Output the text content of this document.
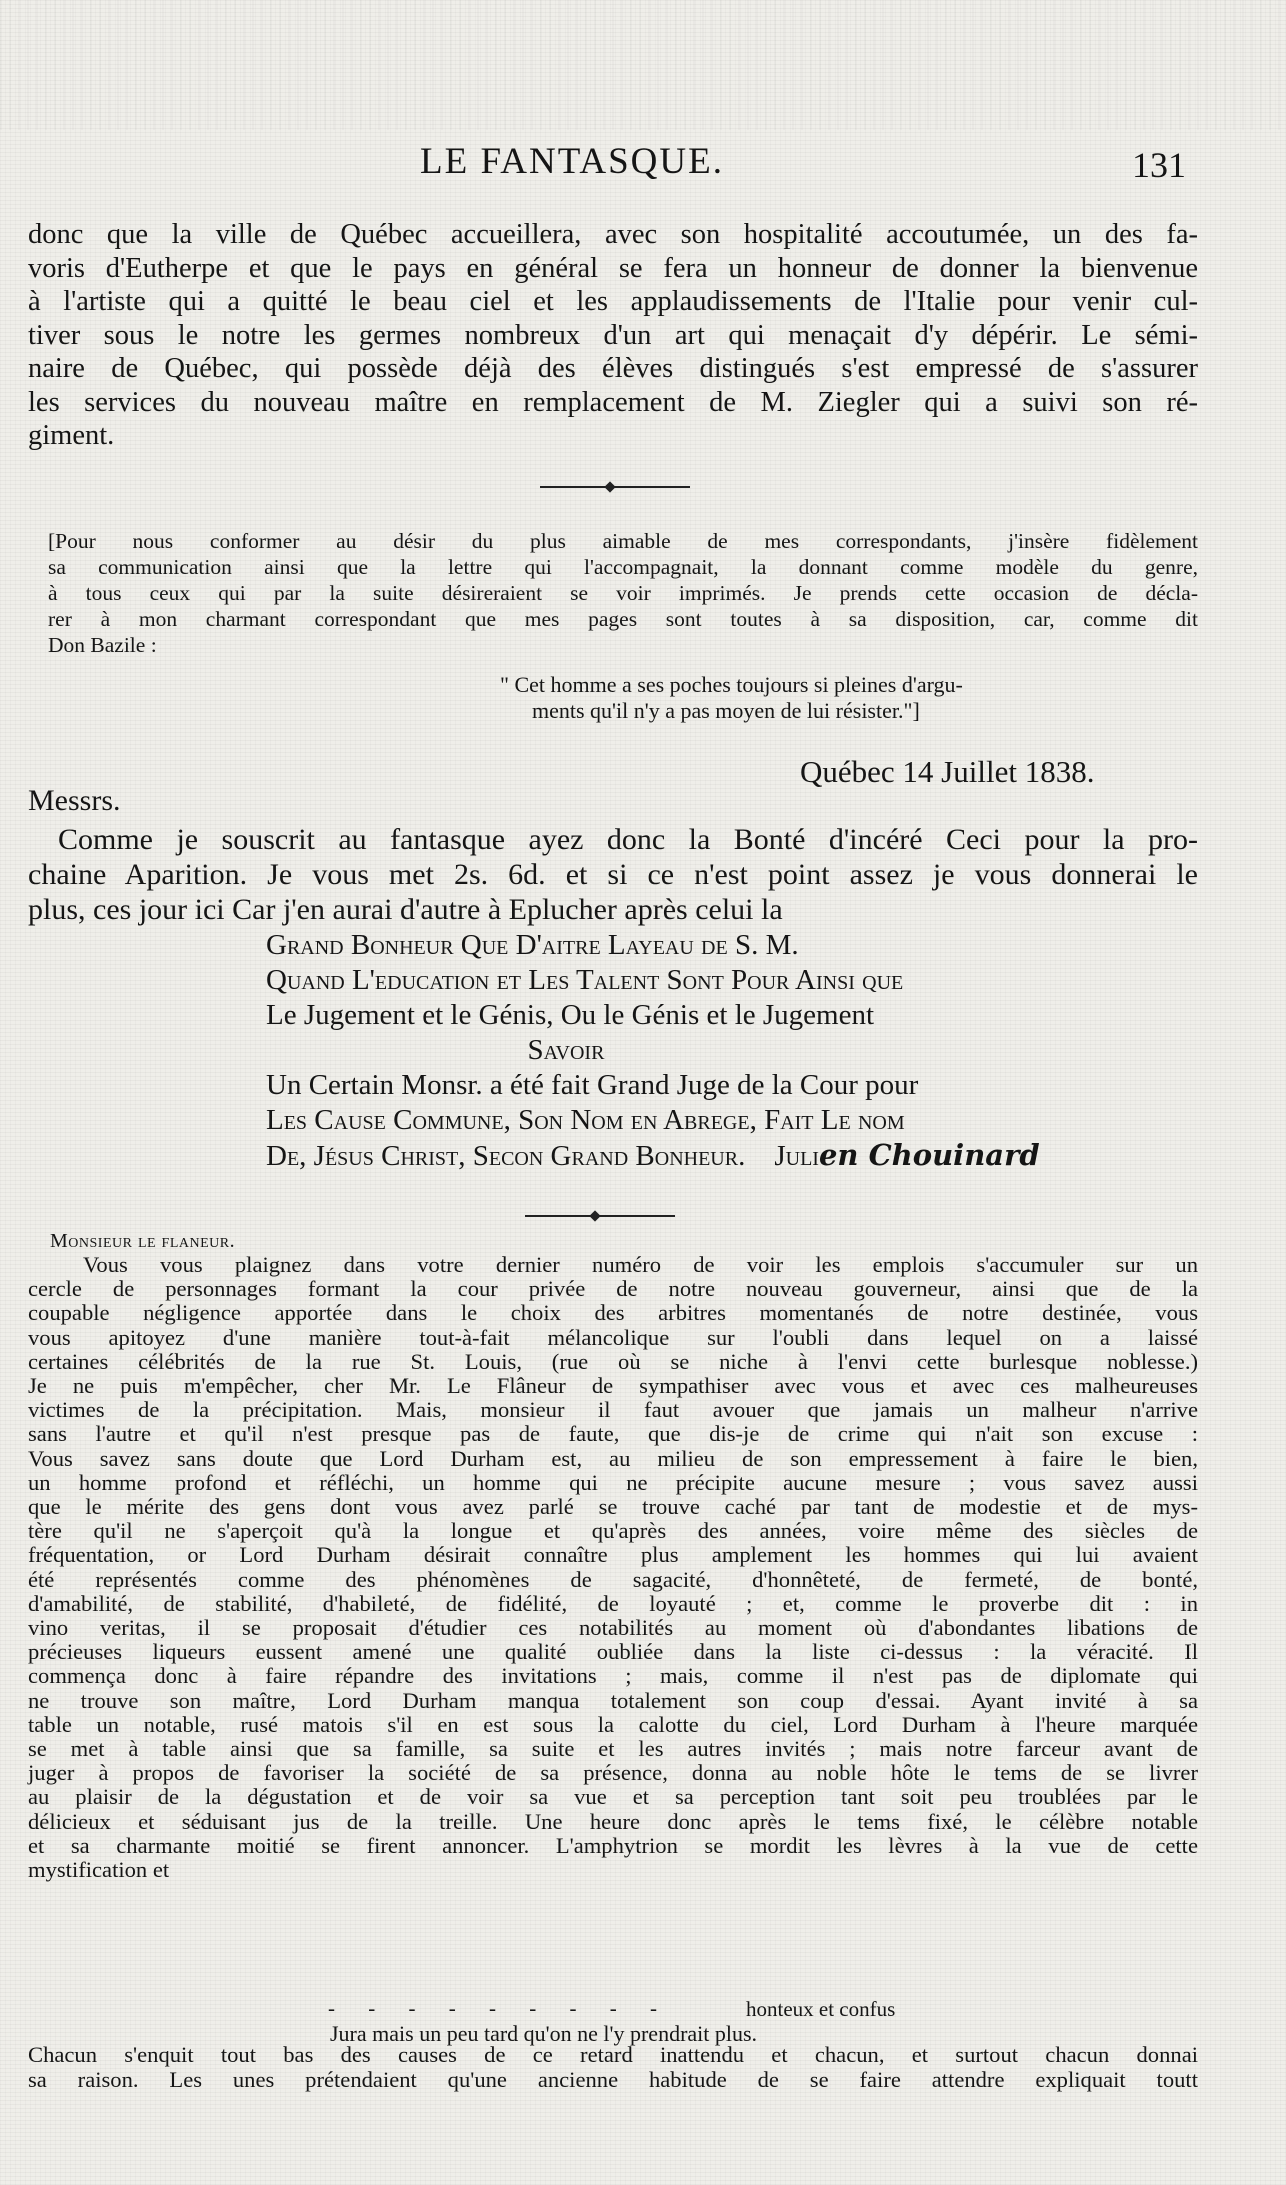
LE FANTASQUE.	131
donc que la ville de Québec accueillera, avec son hospitalité accoutumée, un des fa-
voris d'Eutherpe et que le pays en général se fera un honneur de donner la bienvenue
à l'artiste qui a quitté le beau ciel et les applaudissements de l'Italie pour venir cul-
tiver sous le notre les germes nombreux d'un art qui menaçait d'y dépérir. Le sémi-
naire de Québec, qui possède déjà des élèves distingués s'est empressé de s'assurer
les services du nouveau maître en remplacement de M. Ziegler qui a suivi son ré-
giment.
[Pour nous conformer au désir du plus aimable de mes correspondants, j'insère fidèlement
sa communication ainsi que la lettre qui l'accompagnait, la donnant comme modèle du genre,
à tous ceux qui par la suite désireraient se voir imprimés. Je prends cette occasion de décla-
rer à mon charmant correspondant que mes pages sont toutes à sa disposition, car, comme dit
Don Bazile :
" Cet homme a ses poches toujours si pleines d'argu-
ments qu'il n'y a pas moyen de lui résister."]
Québec 14 Juillet 1838.
Messrs.
Comme je souscrit au fantasque ayez donc la Bonté d'incéré Ceci pour la pro-
chaine Aparition. Je vous met 2s. 6d. et si ce n'est point assez je vous donnerai le
plus, ces jour ici Car j'en aurai d'autre à Eplucher après celui la
Grand Bonheur Que D'aitre Layeau de S. M.
Quand L'education et Les Talent Sont Pour Ainsi que
Le Jugement et le Génis, Ou le Génis et le Jugement
Savoir
Un Certain Monsr. a été fait Grand Juge de la Cour pour
Les Cause Commune, Son Nom en Abrege, Fait Le nom
De, Jésus Christ, Secon Grand Bonheur. Julien Chouinard
Monsieur le flaneur.
Vous vous plaignez dans votre dernier numéro de voir les emplois s'accumuler sur un
cercle de personnages formant la cour privée de notre nouveau gouverneur, ainsi que de la
coupable négligence apportée dans le choix des arbitres momentanés de notre destinée, vous
vous apitoyez d'une manière tout-à-fait mélancolique sur l'oubli dans lequel on a laissé
certaines célébrités de la rue St. Louis, (rue où se niche à l'envi cette burlesque noblesse.)
Je ne puis m'empêcher, cher Mr. Le Flâneur de sympathiser avec vous et avec ces malheureuses
victimes de la précipitation. Mais, monsieur il faut avouer que jamais un malheur n'arrive
sans l'autre et qu'il n'est presque pas de faute, que dis-je de crime qui n'ait son excuse :
Vous savez sans doute que Lord Durham est, au milieu de son empressement à faire le bien,
un homme profond et réfléchi, un homme qui ne précipite aucune mesure ; vous savez aussi
que le mérite des gens dont vous avez parlé se trouve caché par tant de modestie et de mys-
tère qu'il ne s'aperçoit qu'à la longue et qu'après des années, voire même des siècles de
fréquentation, or Lord Durham désirait connaître plus amplement les hommes qui lui avaient
été représentés comme des phénomènes de sagacité, d'honnêteté, de fermeté, de bonté,
d'amabilité, de stabilité, d'habileté, de fidélité, de loyauté ; et, comme le proverbe dit : in
vino veritas, il se proposait d'étudier ces notabilités au moment où d'abondantes libations de
précieuses liqueurs eussent amené une qualité oubliée dans la liste ci-dessus : la véracité. Il
commença donc à faire répandre des invitations ; mais, comme il n'est pas de diplomate qui
ne trouve son maître, Lord Durham manqua totalement son coup d'essai. Ayant invité à sa
table un notable, rusé matois s'il en est sous la calotte du ciel, Lord Durham à l'heure marquée
se met à table ainsi que sa famille, sa suite et les autres invités ; mais notre farceur avant de
juger à propos de favoriser la société de sa présence, donna au noble hôte le tems de se livrer
au plaisir de la dégustation et de voir sa vue et sa perception tant soit peu troublées par le
délicieux et séduisant jus de la treille. Une heure donc après le tems fixé, le célèbre notable
et sa charmante moitié se firent annoncer. L'amphytrion se mordit les lèvres à la vue de cette
mystification et
- - - - - - - - -	honteux et confus
Jura mais un peu tard qu'on ne l'y prendrait plus.
Chacun s'enquit tout bas des causes de ce retard inattendu et chacun, et surtout chacun donnai
sa raison. Les unes prétendaient qu'une ancienne habitude de se faire attendre expliquait toutt
